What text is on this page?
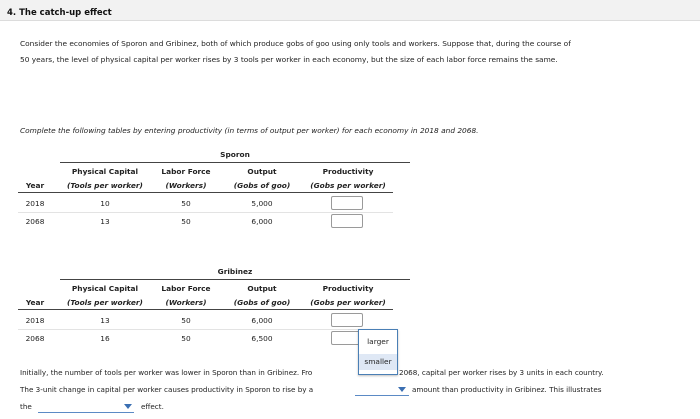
4. The catch-up effect
Consider the economies of Sporon and Gribinez, both of which produce gobs of goo using only tools and workers. Suppose that, during the course of
50 years, the level of physical capital per worker rises by 3 tools per worker in each economy, but the size of each labor force remains the same.
Complete the following tables by entering productivity (in terms of output per worker) for each economy in 2018 and 2068.
Sporon
Physical Capital	Labor Force	Output	Productivity
Year	(Tools per worker)	(Workers)	(Gobs of goo)	(Gobs per worker)
2018	10	50	5,000
2068	13	50	6,000
Gribinez
Physical Capital	Labor Force	Output	Productivity
Year	(Tools per worker)	(Workers)	(Gobs of goo)	(Gobs per worker)
2018	13	50	6,000
2068	16	50	6,500
Initially, the number of tools per worker was lower in Sporon than in Gribinez. Fro	2068, capital per worker rises by 3 units in each country.
The 3-unit change in capital per worker causes productivity in Sporon to rise by a	amount than productivity in Gribinez. This illustrates
the	effect.
larger
smaller
